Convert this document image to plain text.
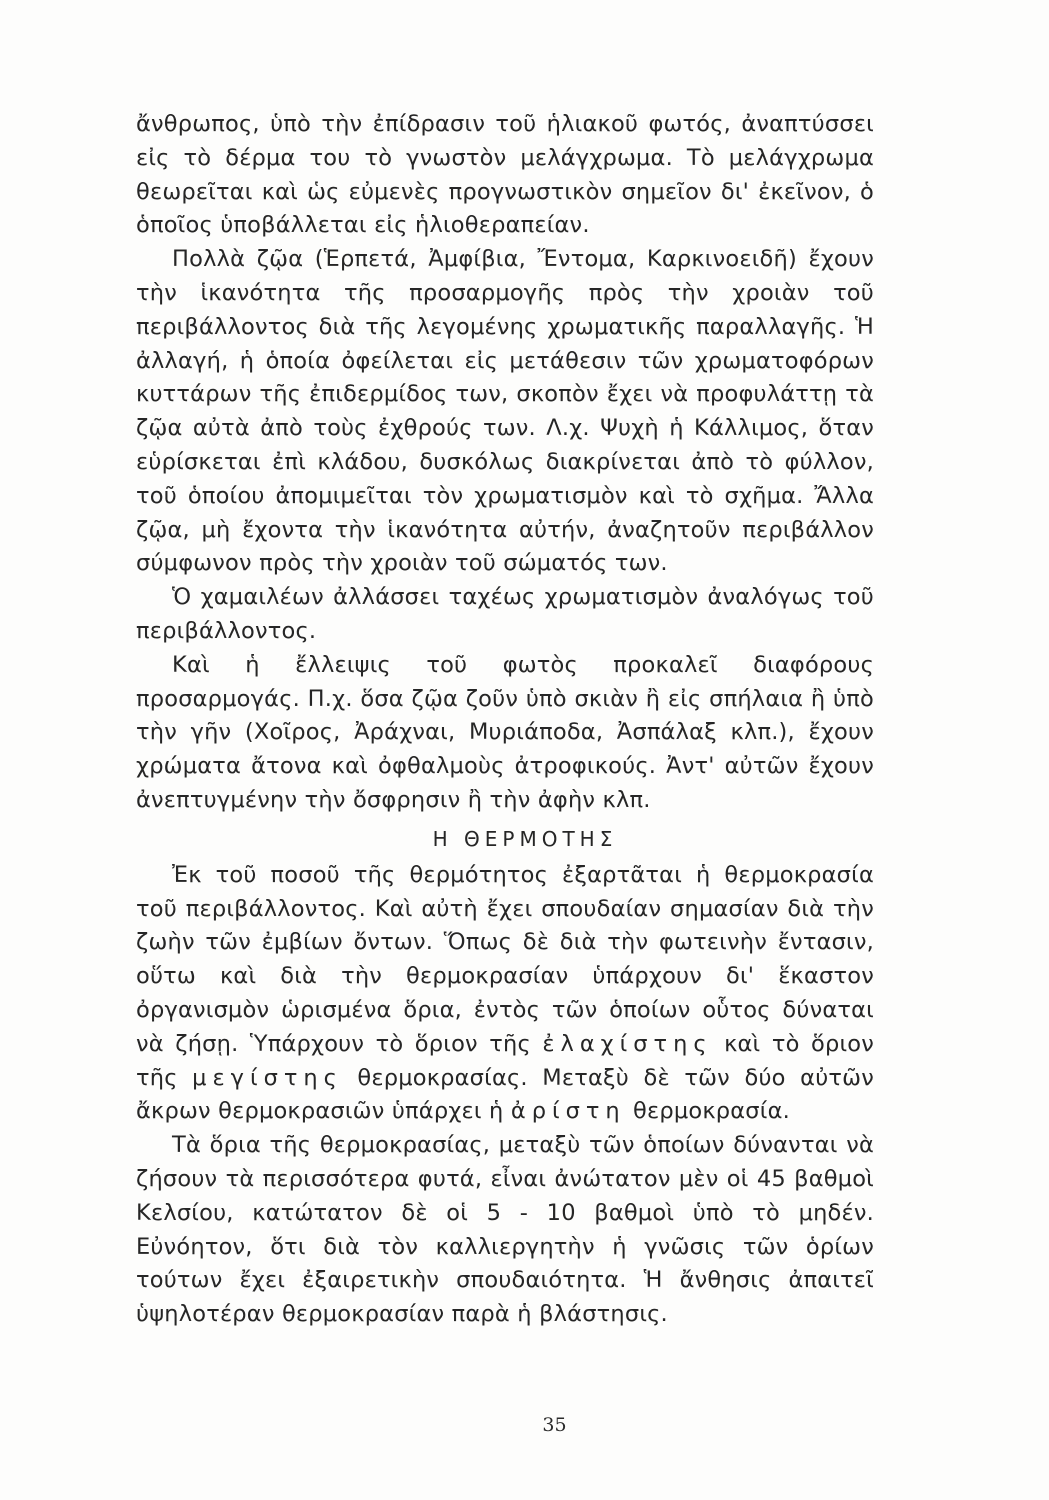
ἄνθρωπος, ὑπὸ τὴν ἐπίδρασιν τοῦ ἡλιακοῦ φωτός, ἀναπτύσσει εἰς τὸ δέρμα του τὸ γνωστὸν μελάγχρωμα. Τὸ μελάγχρωμα θεωρεῖται καὶ ὡς εὐμενὲς προγνωστικὸν σημεῖον δι' ἐκεῖνον, ὁ ὁποῖος ὑποβάλλεται εἰς ἡλιοθεραπείαν.

Πολλὰ ζῷα (Ἑρπετά, Ἀμφίβια, Ἔντομα, Καρκινοειδῆ) ἔχουν τὴν ἱκανότητα τῆς προσαρμογῆς πρὸς τὴν χροιὰν τοῦ περιβάλλοντος διὰ τῆς λεγομένης χρωματικῆς παραλλαγῆς. Ἡ ἀλλαγή, ἡ ὁποία ὀφείλεται εἰς μετάθεσιν τῶν χρωματοφόρων κυττάρων τῆς ἐπιδερμίδος των, σκοπὸν ἔχει νὰ προφυλάττῃ τὰ ζῷα αὐτὰ ἀπὸ τοὺς ἐχθρούς των. Λ.χ. Ψυχὴ ἡ Κάλλιμος, ὅταν εὑρίσκεται ἐπὶ κλάδου, δυσκόλως διακρίνεται ἀπὸ τὸ φύλλον, τοῦ ὁποίου ἀπομιμεῖται τὸν χρωματισμὸν καὶ τὸ σχῆμα. Ἄλλα ζῷα, μὴ ἔχοντα τὴν ἱκανότητα αὐτήν, ἀναζητοῦν περιβάλλον σύμφωνον πρὸς τὴν χροιὰν τοῦ σώματός των.

Ὁ χαμαιλέων ἀλλάσσει ταχέως χρωματισμὸν ἀναλόγως τοῦ περιβάλλοντος.

Καὶ ἡ ἔλλειψις τοῦ φωτὸς προκαλεῖ διαφόρους προσαρμογάς. Π.χ. ὅσα ζῷα ζοῦν ὑπὸ σκιὰν ἢ εἰς σπήλαια ἢ ὑπὸ τὴν γῆν (Χοῖρος, Ἀράχναι, Μυριάποδα, Ἀσπάλαξ κλπ.), ἔχουν χρώματα ἄτονα καὶ ὀφθαλμοὺς ἀτροφικούς. Ἀντ' αὐτῶν ἔχουν ἀνεπτυγμένην τὴν ὄσφρησιν ἢ τὴν ἀφὴν κλπ.

Η ΘΕΡΜΟΤΗΣ

Ἐκ τοῦ ποσοῦ τῆς θερμότητος ἐξαρτᾶται ἡ θερμοκρασία τοῦ περιβάλλοντος. Καὶ αὐτὴ ἔχει σπουδαίαν σημασίαν διὰ τὴν ζωὴν τῶν ἐμβίων ὄντων. Ὅπως δὲ διὰ τὴν φωτεινὴν ἔντασιν, οὕτω καὶ διὰ τὴν θερμοκρασίαν ὑπάρχουν δι' ἕκαστον ὀργανισμὸν ὡρισμένα ὅρια, ἐντὸς τῶν ὁποίων οὗτος δύναται νὰ ζήσῃ. Ὑπάρχουν τὸ ὅριον τῆς ἐλαχίστης καὶ τὸ ὅριον τῆς μεγίστης θερμοκρασίας. Μεταξὺ δὲ τῶν δύο αὐτῶν ἄκρων θερμοκρασιῶν ὑπάρχει ἡ ἀρίστη θερμοκρασία.

Τὰ ὅρια τῆς θερμοκρασίας, μεταξὺ τῶν ὁποίων δύνανται νὰ ζήσουν τὰ περισσότερα φυτά, εἶναι ἀνώτατον μὲν οἱ 45 βαθμοὶ Κελσίου, κατώτατον δὲ οἱ 5 - 10 βαθμοὶ ὑπὸ τὸ μηδέν. Εὐνόητον, ὅτι διὰ τὸν καλλιεργητὴν ἡ γνῶσις τῶν ὁρίων τούτων ἔχει ἐξαιρετικὴν σπουδαιότητα. Ἡ ἄνθησις ἀπαιτεῖ ὑψηλοτέραν θερμοκρασίαν παρὰ ἡ βλάστησις.

35
